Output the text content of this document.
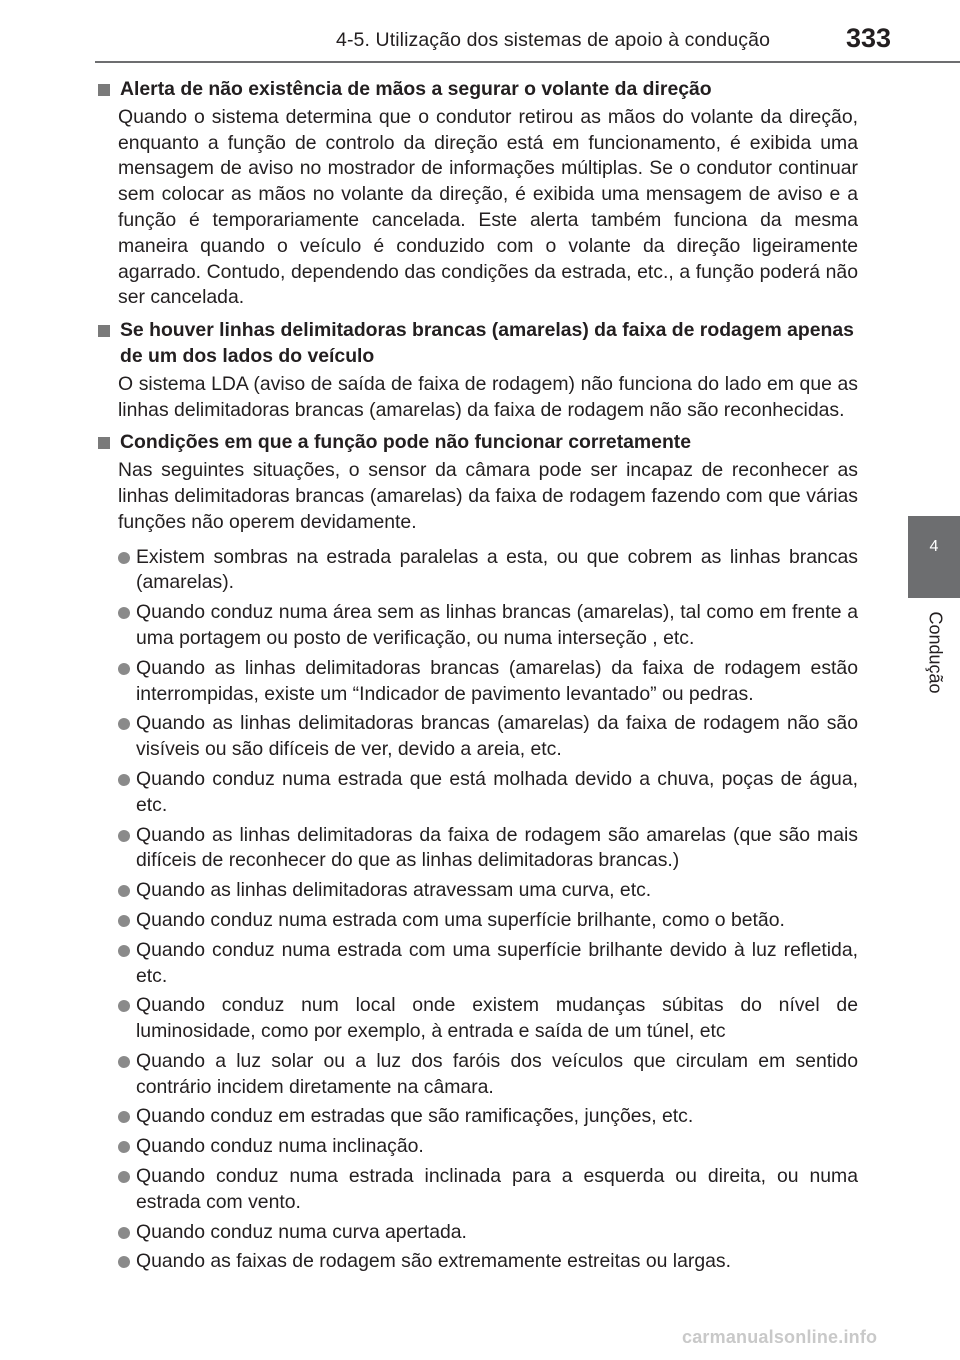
4-5. Utilização dos sistemas de apoio à condução	333
4
Condução
Alerta de não existência de mãos a segurar o volante da direção

Quando o sistema determina que o condutor retirou as mãos do volante da direção, enquanto a função de controlo da direção está em funcionamento, é exibida uma mensagem de aviso no mostrador de informações múltiplas. Se o condutor continuar sem colocar as mãos no volante da direção, é exibida uma mensagem de aviso e a função é temporariamente cancelada. Este alerta também funciona da mesma maneira quando o veículo é conduzido com o volante da direção ligeiramente agarrado. Contudo, dependendo das condições da estrada, etc., a função poderá não ser cancelada.

Se houver linhas delimitadoras brancas (amarelas) da faixa de rodagem apenas de um dos lados do veículo

O sistema LDA (aviso de saída de faixa de rodagem) não funciona do lado em que as linhas delimitadoras brancas (amarelas) da faixa de rodagem não são reconhecidas.

Condições em que a função pode não funcionar corretamente

Nas seguintes situações, o sensor da câmara pode ser incapaz de reconhecer as linhas delimitadoras brancas (amarelas) da faixa de rodagem fazendo com que várias funções não operem devidamente.

Existem sombras na estrada paralelas a esta, ou que cobrem as linhas brancas (amarelas).
Quando conduz numa área sem as linhas brancas (amarelas), tal como em frente a uma portagem ou posto de verificação, ou numa interseção , etc.
Quando as linhas delimitadoras brancas (amarelas) da faixa de rodagem estão interrompidas, existe um “Indicador de pavimento levantado” ou pedras.
Quando as linhas delimitadoras brancas (amarelas) da faixa de rodagem não são visíveis ou são difíceis de ver, devido a areia, etc.
Quando conduz numa estrada que está molhada devido a chuva, poças de água, etc.
Quando as linhas delimitadoras da faixa de rodagem são amarelas (que são mais difíceis de reconhecer do que as linhas delimitadoras brancas.)
Quando as linhas delimitadoras atravessam uma curva, etc.
Quando conduz numa estrada com uma superfície brilhante, como o betão.
Quando conduz numa estrada com uma superfície brilhante devido à luz refletida, etc.
Quando conduz num local onde existem mudanças súbitas do nível de luminosidade, como por exemplo, à entrada e saída de um túnel, etc
Quando a luz solar ou a luz dos faróis dos veículos que circulam em sentido contrário incidem diretamente na câmara.
Quando conduz em estradas que são ramificações, junções, etc.
Quando conduz numa inclinação.
Quando conduz numa estrada inclinada para a esquerda ou direita, ou numa estrada com vento.
Quando conduz numa curva apertada.
Quando as faixas de rodagem são extremamente estreitas ou largas.
carmanualsonline.info
